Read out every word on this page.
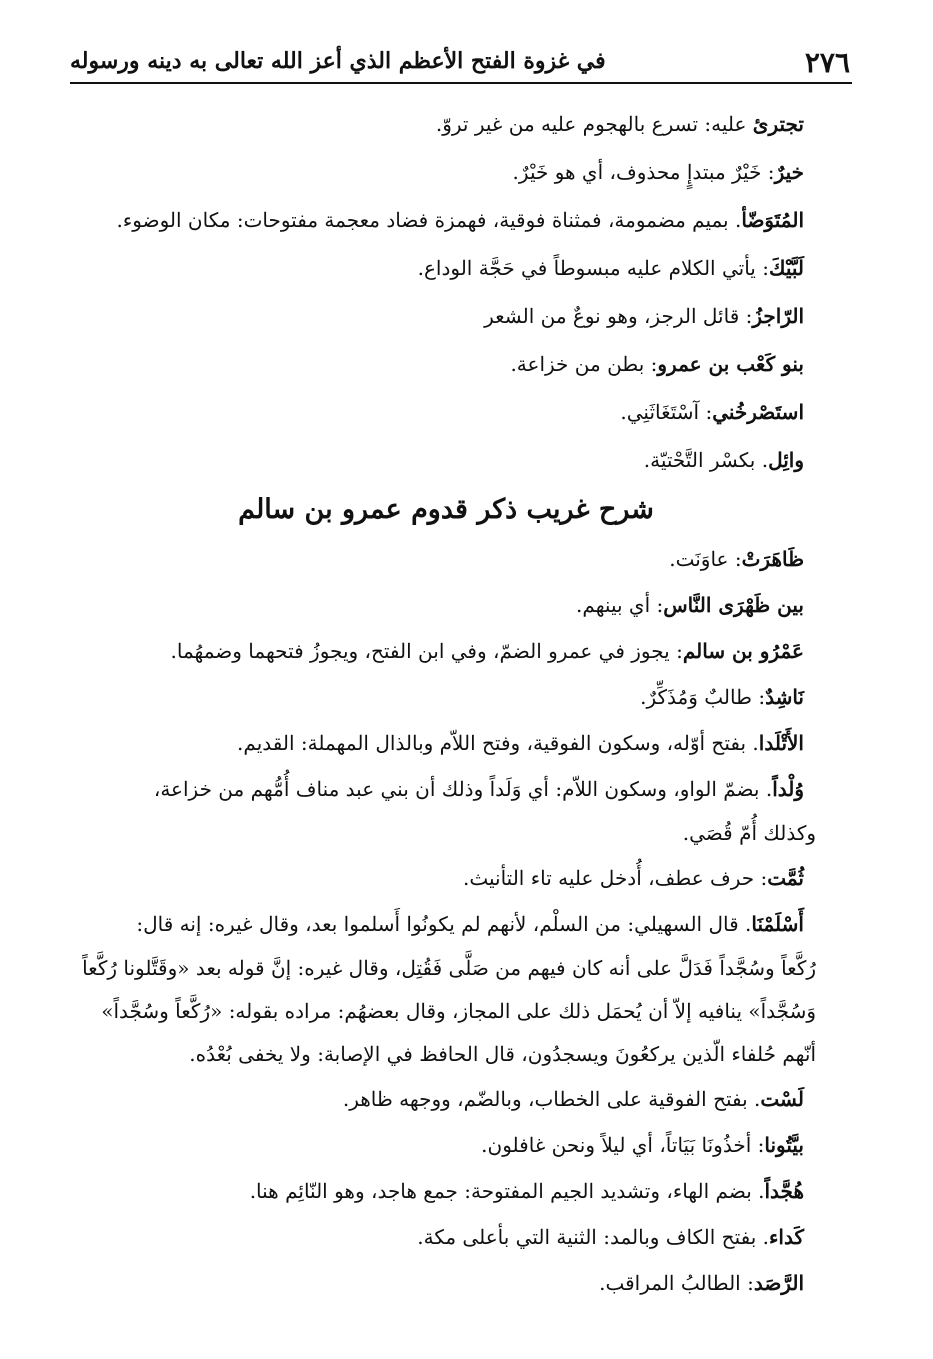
٢٧٦
في غزوة الفتح الأعظم الذي أعز الله تعالى به دينه ورسوله
تجترئ عليه: تسرع بالهجوم عليه من غير تروّ.
خيرٌ: خَيْرٌ مبتدإٍ محذوف، أي هو خَيْرٌ.
المُتَوَضّأ. بميم مضمومة، فمثناة فوقية، فهمزة فضاد معجمة مفتوحات: مكان الوضوء.
لَبَّيْكَ: يأتي الكلام عليه مبسوطاً في حَجَّة الوداع.
الرّاجزُ: قائل الرجز، وهو نوعٌ من الشعر
بنو كَعْب بن عمرو: بطن من خزاعة.
استَصْرخُني: آسْتَغَاثَنِي.
وائِل. بكسْر التَّحْتيّة.
شرح غريب ذكر قدوم عمرو بن سالم
ظَاهَرَتْ: عاوَنَت.
بين ظَهْرَى النَّاس: أي بينهم.
عَمْرُو بن سالم: يجوز في عمرو الضمّ، وفي ابن الفتح، ويجوزُ فتحهما وضمهُما.
نَاشِدٌ: طالبٌ وَمُذَكِّرٌ.
الأَتْلَدا. بفتح أوّله، وسكون الفوقية، وفتح اللاّم وبالذال المهملة: القديم.
وُلْداً. بضمّ الواو، وسكون اللاّم: أي وَلَداً وذلك أن بني عبد مناف أُمُّهم من خزاعة،
وكذلك أُمّ قُصَي.
ثُمَّت: حرف عطف، أُدخل عليه تاء التأنيث.
أَسْلَمْنَا. قال السهيلي: من السلْم، لأنهم لم يكونُوا أَسلموا بعد، وقال غيره: إنه قال:
رُكَّعاً وسُجَّداً فَدَلَّ على أنه كان فيهم من صَلَّى فَقُتِل، وقال غيره: إنَّ قوله بعد «وقَتَّلونا رُكَّعاً
وَسُجَّداً» ينافيه إلاّ أن يُحمَل ذلك على المجاز، وقال بعضهُم: مراده بقوله: «رُكَّعاً وسُجَّداً»
أنّهم حُلفاء الّذين يركعُونَ ويسجدُون، قال الحافظ في الإصابة: ولا يخفى بُعْدُه.
لَسْت. بفتح الفوقية على الخطاب، وبالضّم، ووجهه ظاهر.
بيَّتُونا: أخذُونَا بَيَاتاً، أي ليلاً ونحن غافلون.
هُجَّداً. بضم الهاء، وتشديد الجيم المفتوحة: جمع هاجد، وهو النّائِم هنا.
كَداء. بفتح الكاف وبالمد: الثنية التي بأعلى مكة.
الرَّصَد: الطالبُ المراقب.
